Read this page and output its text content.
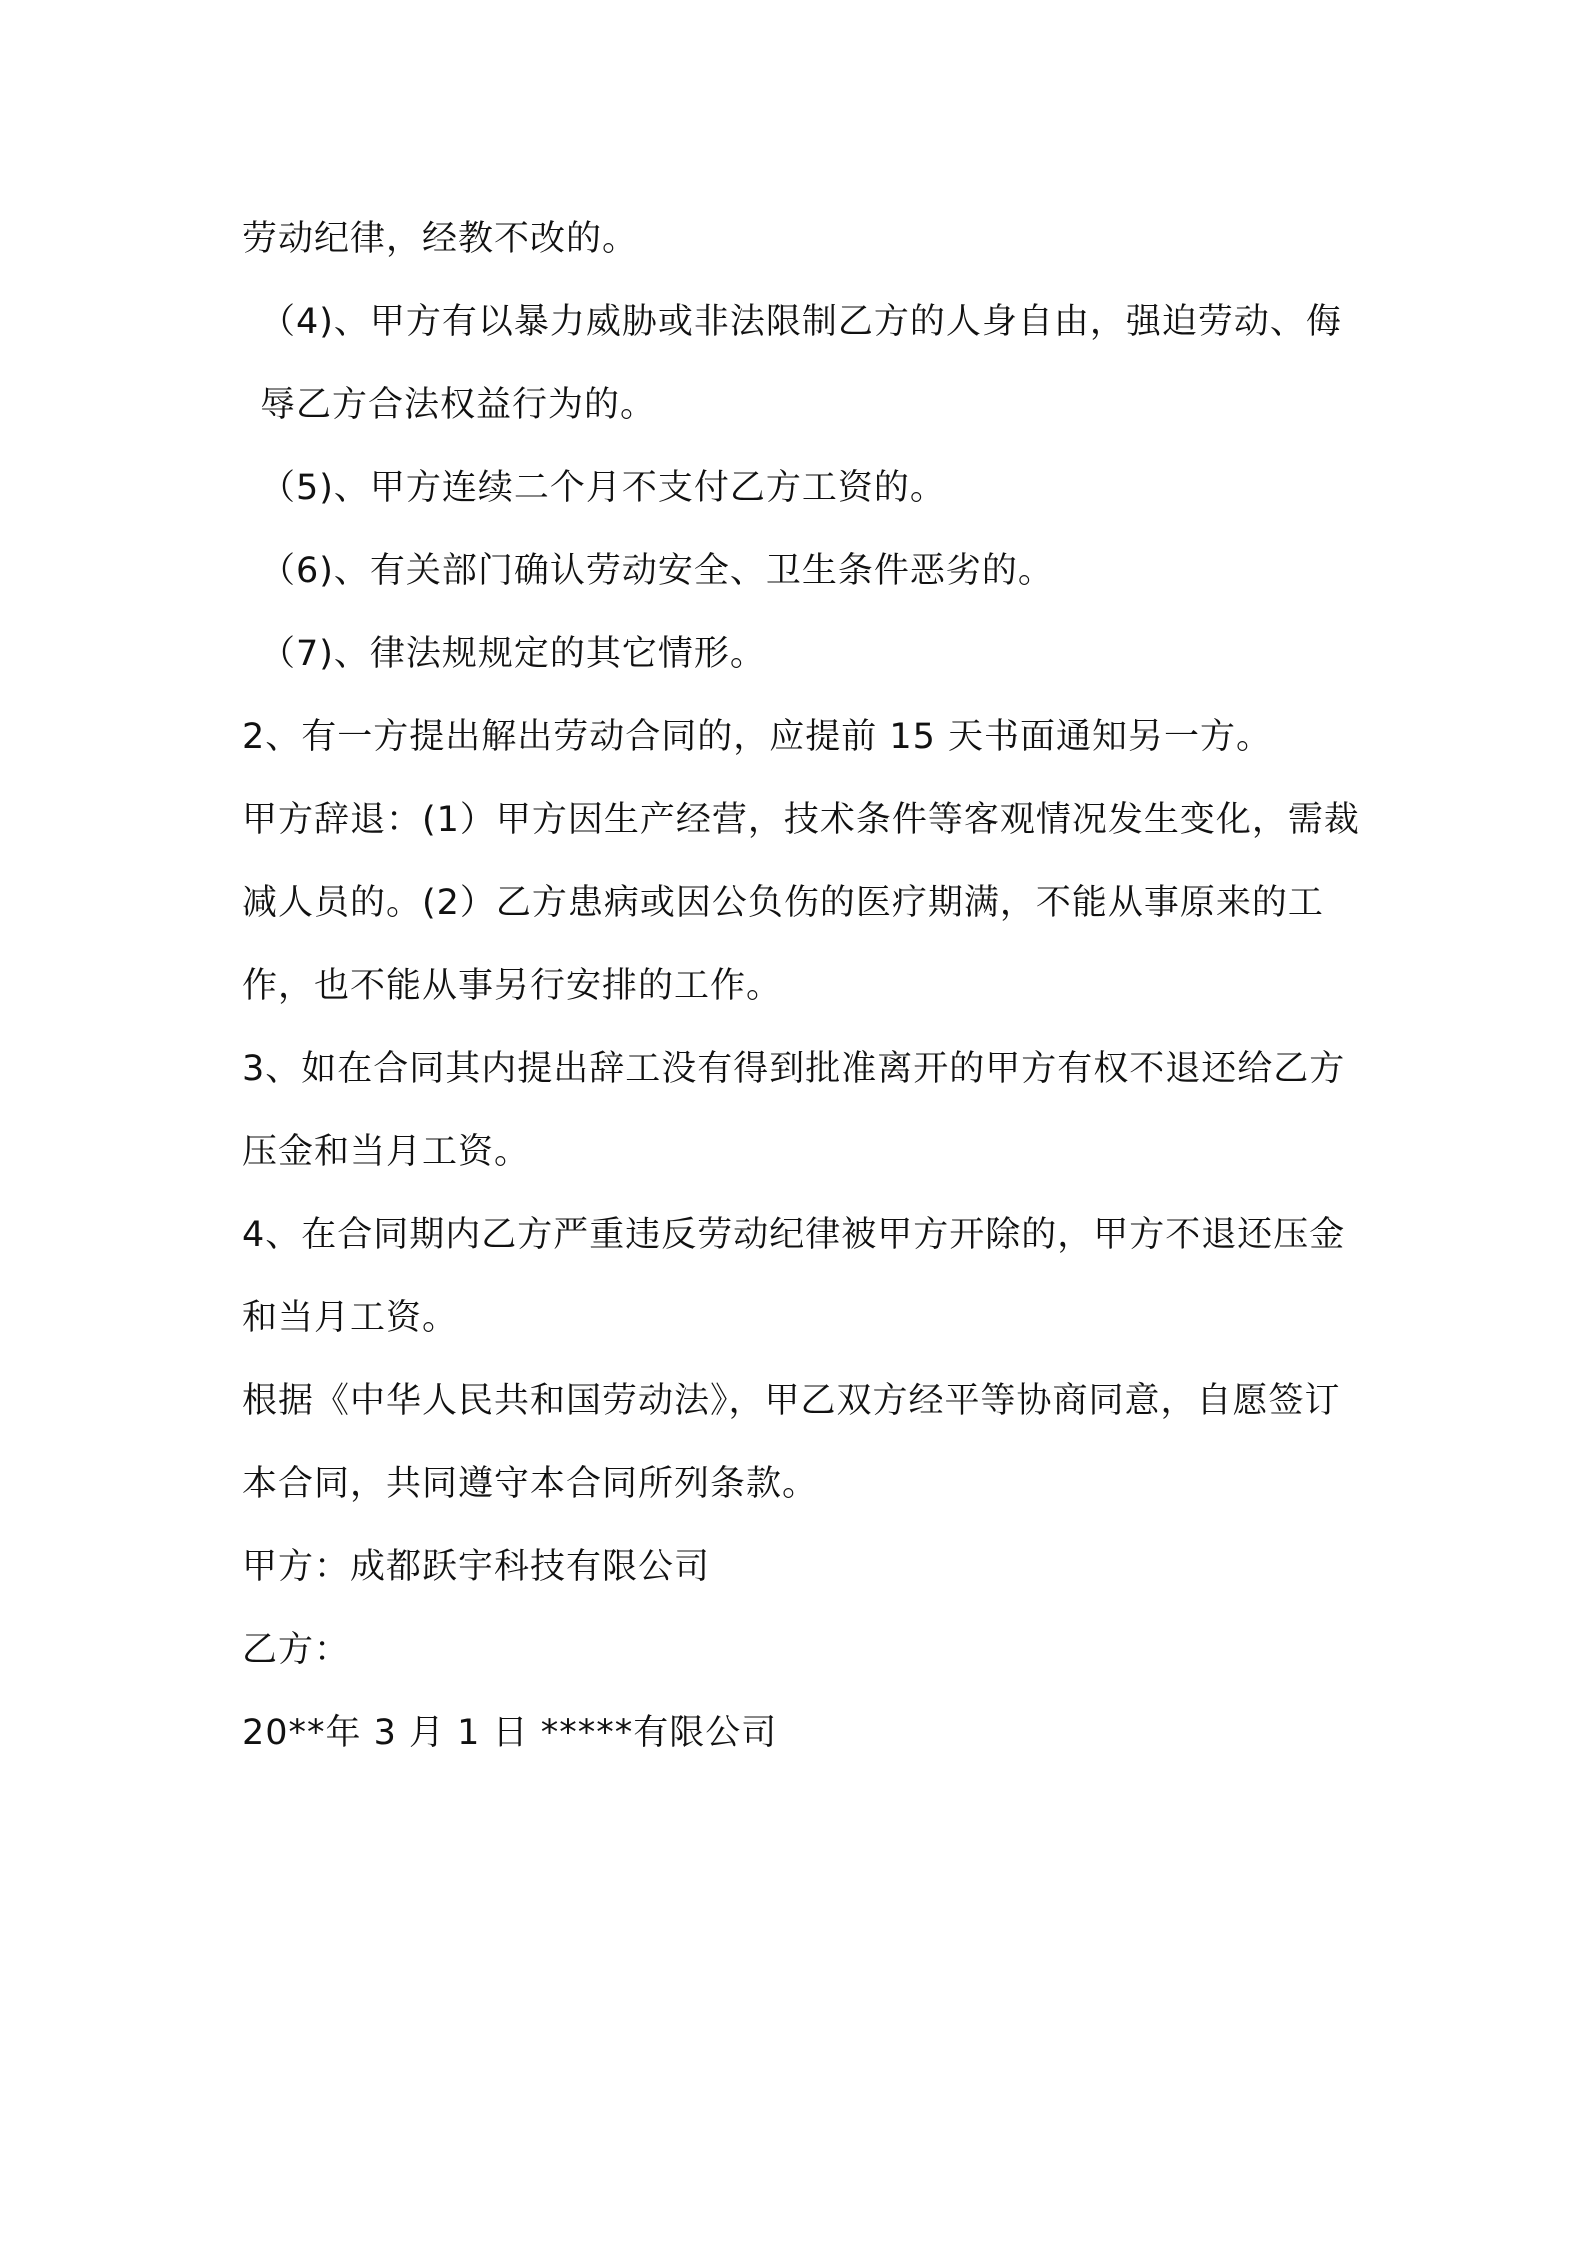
劳动纪律，经教不改的。

（4)、甲方有以暴力威胁或非法限制乙方的人身自由，强迫劳动、侮辱乙方合法权益行为的。

（5)、甲方连续二个月不支付乙方工资的。

（6)、有关部门确认劳动安全、卫生条件恶劣的。

（7)、律法规规定的其它情形。

2、有一方提出解出劳动合同的，应提前 15 天书面通知另一方。

甲方辞退：(1）甲方因生产经营，技术条件等客观情况发生变化，需裁减人员的。(2）乙方患病或因公负伤的医疗期满，不能从事原来的工作，也不能从事另行安排的工作。

3、如在合同其内提出辞工没有得到批准离开的甲方有权不退还给乙方压金和当月工资。

4、在合同期内乙方严重违反劳动纪律被甲方开除的，甲方不退还压金和当月工资。

根据《中华人民共和国劳动法》，甲乙双方经平等协商同意，自愿签订本合同，共同遵守本合同所列条款。

甲方：成都跃宇科技有限公司

乙方：

20**年 3 月 1 日 *****有限公司
